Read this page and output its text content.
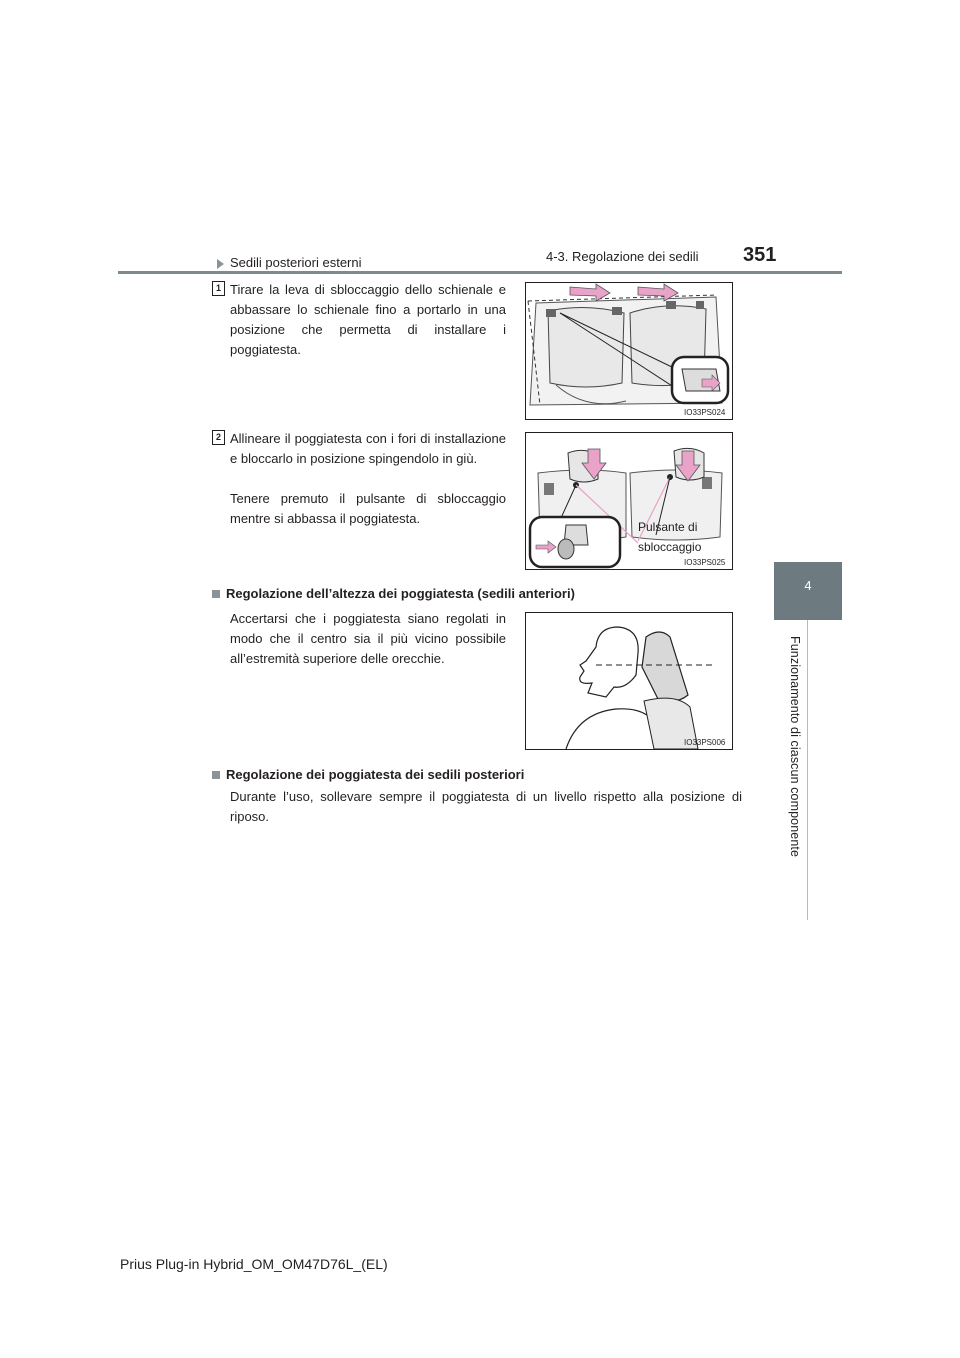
4-3. Regolazione dei sedili 351
4
Funzionamento di ciascun componente
Sedili posteriori esterni
1 Tirare la leva di sbloccaggio dello schienale e abbassare lo schienale fino a portarlo in una posizione che permetta di installare i poggiatesta.
IO33PS024
2 Allineare il poggiatesta con i fori di installazione e bloccarlo in posizione spingendolo in giù.
Tenere premuto il pulsante di sbloccaggio mentre si abbassa il poggiatesta.
Pulsante di
sbloccaggio
IO33PS025
Regolazione dell’altezza dei poggiatesta (sedili anteriori)
Accertarsi che i poggiatesta siano regolati in modo che il centro sia il più vicino possibile all’estremità superiore delle orecchie.
IO33PS006
Regolazione dei poggiatesta dei sedili posteriori
Durante l’uso, sollevare sempre il poggiatesta di un livello rispetto alla posizione di riposo.
Prius Plug-in Hybrid_OM_OM47D76L_(EL)
